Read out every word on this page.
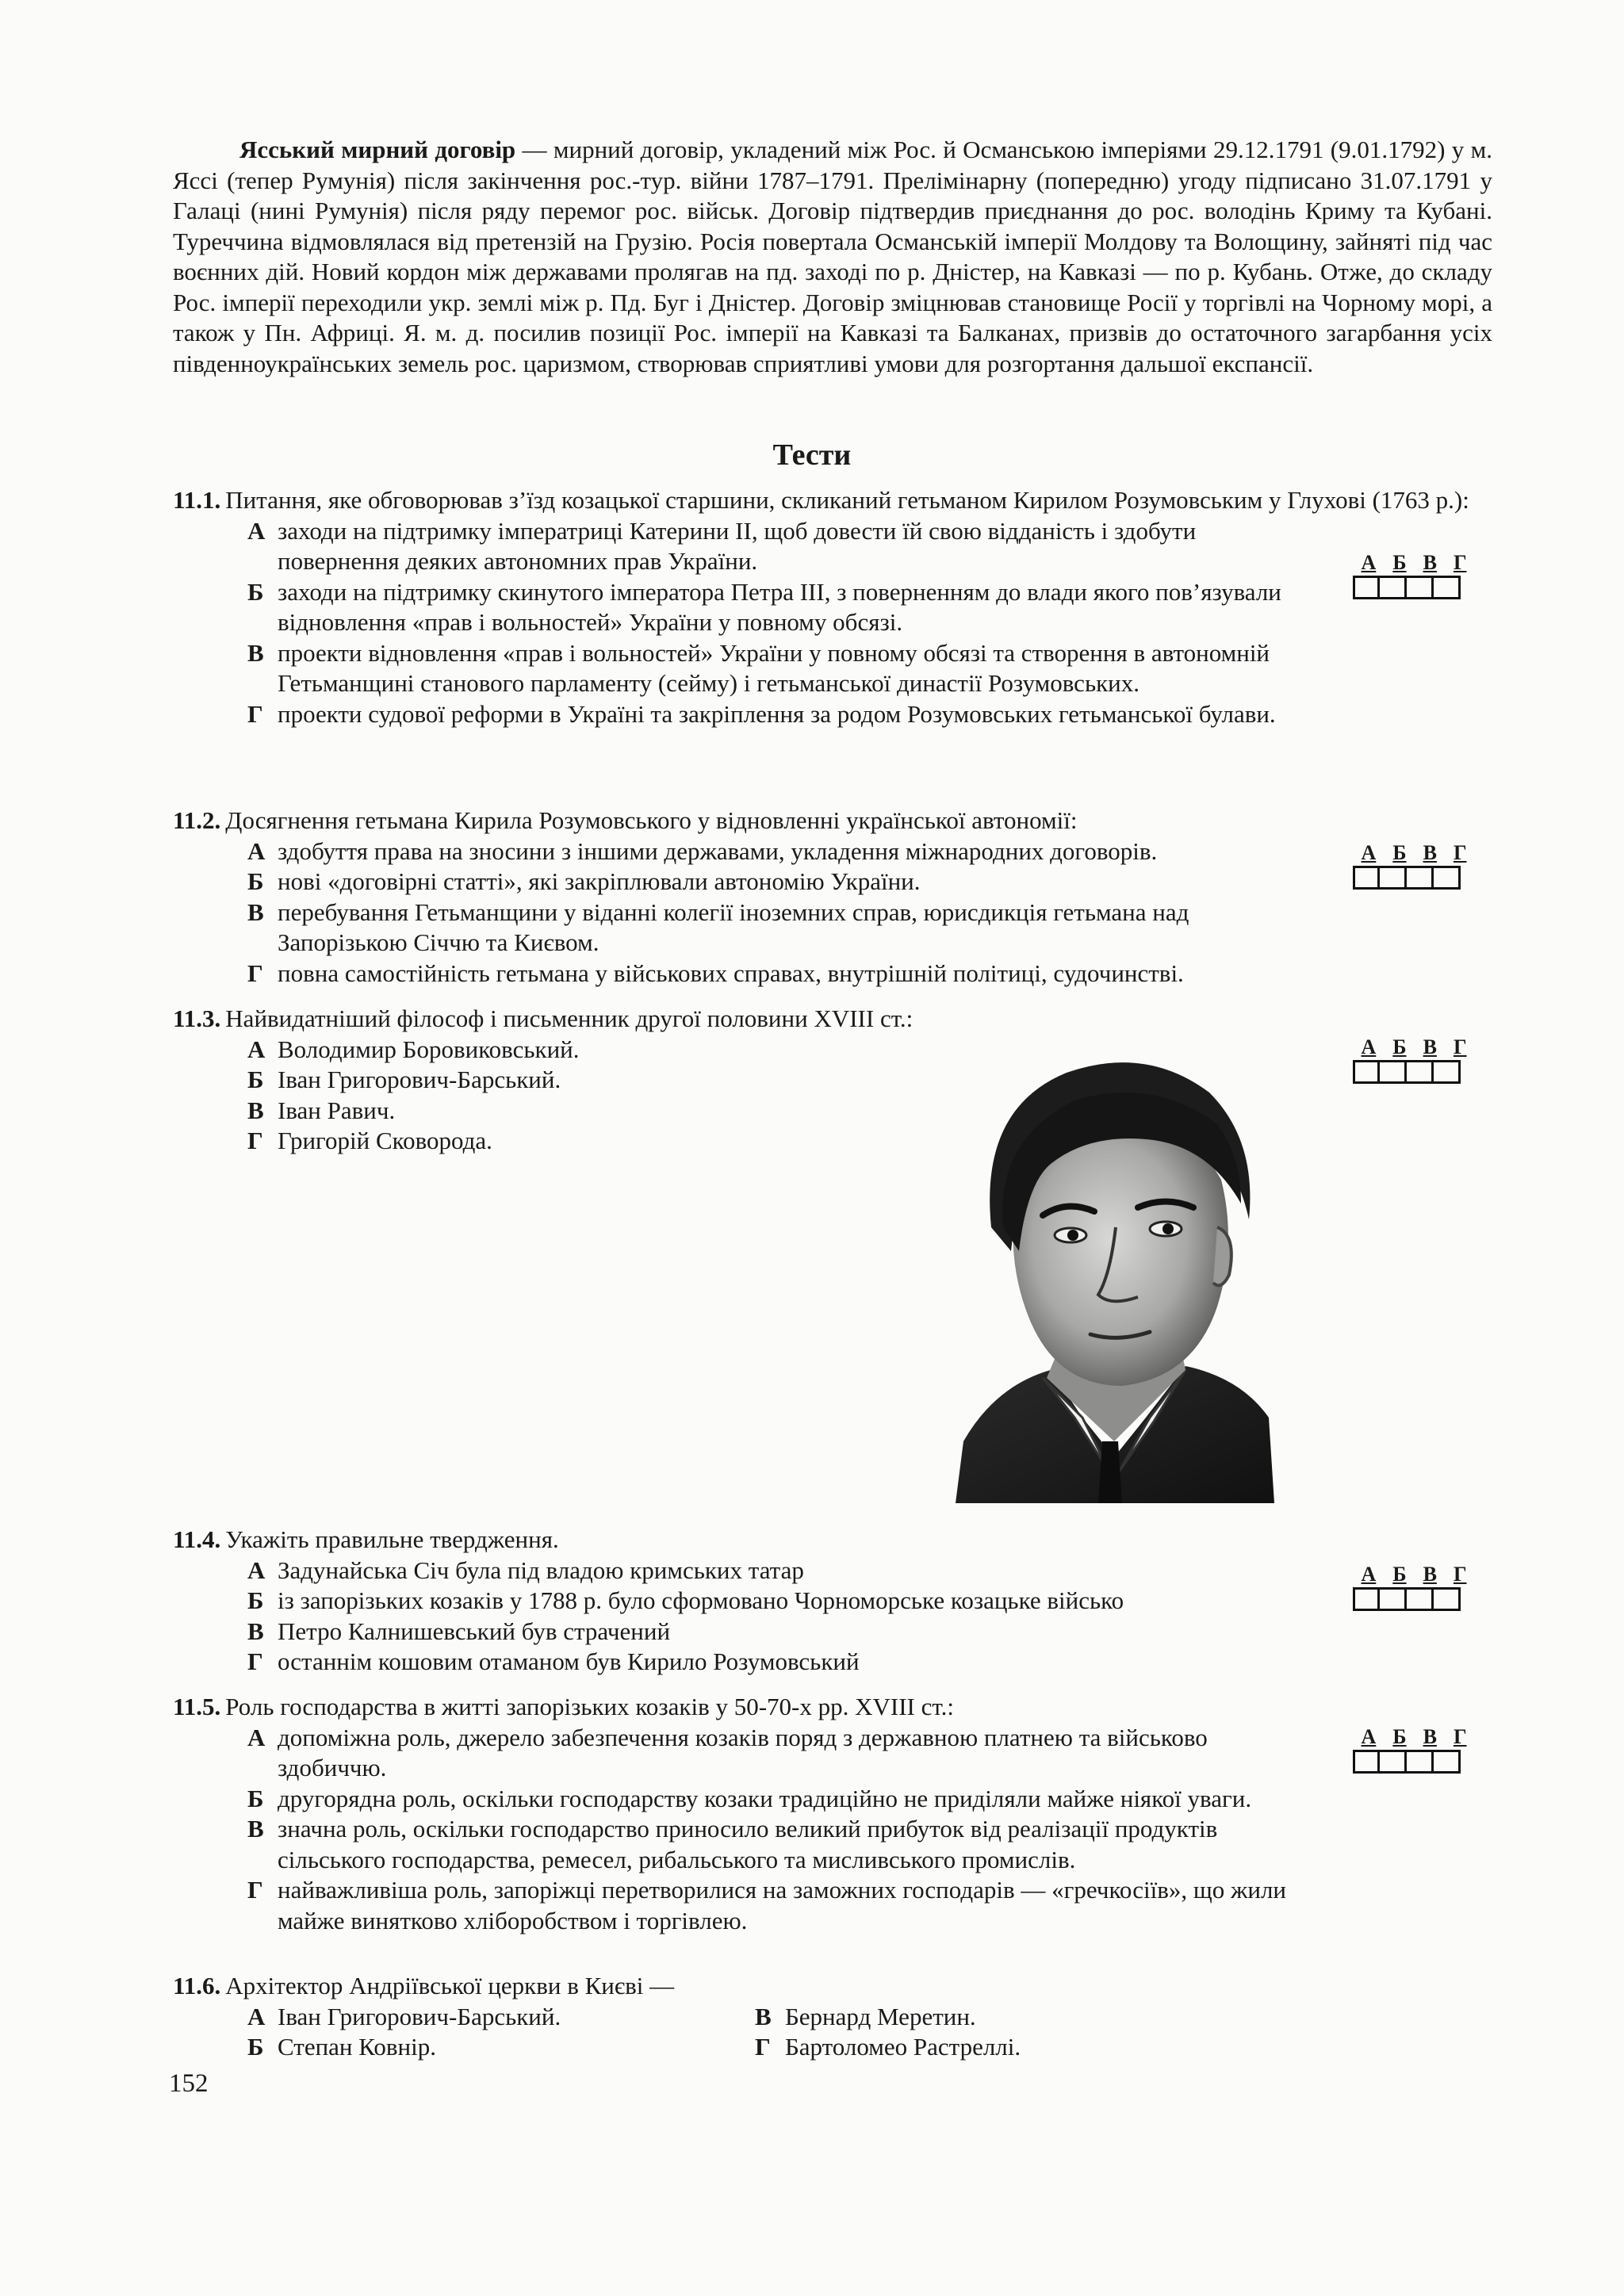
Ясський мирний договір — мирний договір, укладений між Рос. й Османською імперіями 29.12.1791 (9.01.1792) у м. Яссі (тепер Румунія) після закінчення рос.-тур. війни 1787–1791. Прелімінарну (попередню) угоду підписано 31.07.1791 у Галаці (нині Румунія) після ряду перемог рос. військ. Договір підтвердив приєднання до рос. володінь Криму та Кубані. Туреччина відмовлялася від претензій на Грузію. Росія повертала Османській імперії Молдову та Волощину, зайняті під час воєнних дій. Новий кордон між державами пролягав на пд. заході по р. Дністер, на Кавказі — по р. Кубань. Отже, до складу Рос. імперії переходили укр. землі між р. Пд. Буг і Дністер. Договір зміцнював становище Росії у торгівлі на Чорному морі, а також у Пн. Африці. Я. м. д. посилив позиції Рос. імперії на Кавказі та Балканах, призвів до остаточного загарбання усіх південноукраїнських земель рос. царизмом, створював сприятливі умови для розгортання дальшої експансії.
Тести
11.1. Питання, яке обговорював з’їзд козацької старшини, скликаний гетьманом Кирилом Розумовським у Глухові (1763 р.):
А заходи на підтримку імператриці Катерини ІІ, щоб довести їй свою відданість і здобути повернення деяких автономних прав України.
Б заходи на підтримку скинутого імператора Петра ІІІ, з поверненням до влади якого пов’язували відновлення «прав і вольностей» України у повному обсязі.
В проекти відновлення «прав і вольностей» України у повному обсязі та створення в автономній Гетьманщині станового парламенту (сейму) і гетьманської династії Розумовських.
Г проекти судової реформи в Україні та закріплення за родом Розумовських гетьманської булави.
11.2. Досягнення гетьмана Кирила Розумовського у відновленні української автономії:
А здобуття права на зносини з іншими державами, укладення міжнародних договорів.
Б нові «договірні статті», які закріплювали автономію України.
В перебування Гетьманщини у віданні колегії іноземних справ, юрисдикція гетьмана над Запорізькою Січчю та Києвом.
Г повна самостійність гетьмана у військових справах, внутрішній політиці, судочинстві.
11.3. Найвидатніший філософ і письменник другої половини XVIII ст.:
А Володимир Боровиковський.
Б Іван Григорович-Барський.
В Іван Равич.
Г Григорій Сковорода.
11.4. Укажіть правильне твердження.
А Задунайська Січ була під владою кримських татар
Б із запорізьких козаків у 1788 р. було сформовано Чорноморське козацьке військо
В Петро Калнишевський був страчений
Г останнім кошовим отаманом був Кирило Розумовський
11.5. Роль господарства в житті запорізьких козаків у 50-70-х рр. XVIII ст.:
А допоміжна роль, джерело забезпечення козаків поряд з державною платнею та військово здобиччю.
Б другорядна роль, оскільки господарству козаки традиційно не приділяли майже ніякої уваги.
В значна роль, оскільки господарство приносило великий прибуток від реалізації продуктів сільського господарства, ремесел, рибальського та мисливського промислів.
Г найважливіша роль, запоріжці перетворилися на заможних господарів — «гречкосіїв», що жили майже винятково хліборобством і торгівлею.
11.6. Архітектор Андріївської церкви в Києві —
А Іван Григорович-Барський.	В Бернард Меретин.
Б Степан Ковнір.	Г Бартоломео Растреллі.
А Б В Г
А Б В Г
А Б В Г
А Б В Г
А Б В Г
152
